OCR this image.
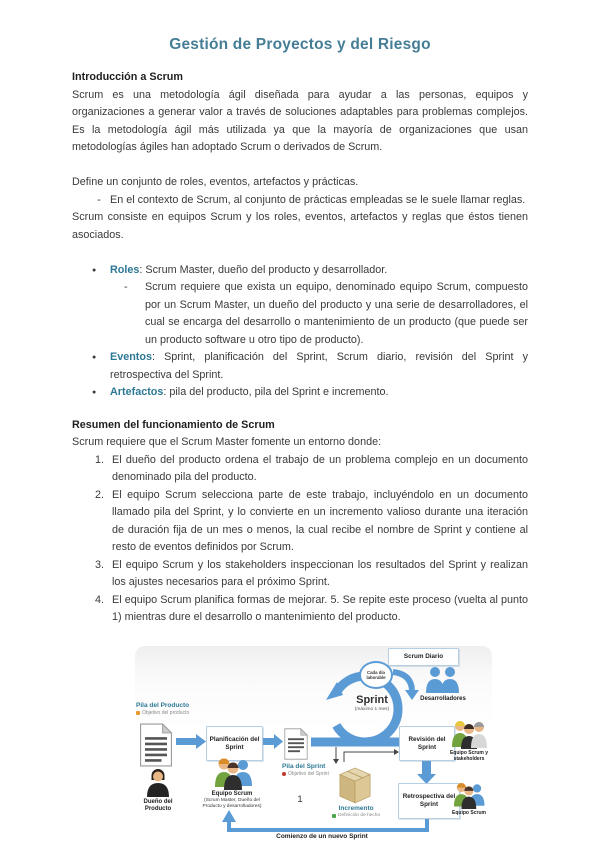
Gestión de Proyectos y del Riesgo
Introducción a Scrum

Scrum es una metodología ágil diseñada para ayudar a las personas, equipos y organizaciones a generar valor a través de soluciones adaptables para problemas complejos. Es la metodología ágil más utilizada ya que la mayoría de organizaciones que usan metodologías ágiles han adoptado Scrum o derivados de Scrum.

Define un conjunto de roles, eventos, artefactos y prácticas.

- En el contexto de Scrum, al conjunto de prácticas empleadas se le suele llamar reglas.

Scrum consiste en equipos Scrum y los roles, eventos, artefactos y reglas que éstos tienen asociados.

●	Roles: Scrum Master, dueño del producto y desarrollador.
-	Scrum requiere que exista un equipo, denominado equipo Scrum, compuesto por un Scrum Master, un dueño del producto y una serie de desarrolladores, el cual se encarga del desarrollo o mantenimiento de un producto (que puede ser un producto software u otro tipo de producto).
●	Eventos: Sprint, planificación del Sprint, Scrum diario, revisión del Sprint y retrospectiva del Sprint.
●	Artefactos: pila del producto, pila del Sprint e incremento.
Resumen del funcionamiento de Scrum

Scrum requiere que el Scrum Master fomente un entorno donde:

1. El dueño del producto ordena el trabajo de un problema complejo en un documento denominado pila del producto.
2. El equipo Scrum selecciona parte de este trabajo, incluyéndolo en un documento llamado pila del Sprint, y lo convierte en un incremento valioso durante una iteración de duración fija de un mes o menos, la cual recibe el nombre de Sprint y contiene al resto de eventos definidos por Scrum.
3. El equipo Scrum y los stakeholders inspeccionan los resultados del Sprint y realizan los ajustes necesarios para el próximo Sprint.
4. El equipo Scrum planifica formas de mejorar. 5. Se repite este proceso (vuelta al punto 1) mientras dure el desarrollo o mantenimiento del producto.
Scrum Diario
Desarrolladores
Sprint
(máximo 1 mes)
Cada día laborable
Pila del Producto
Objetivo del producto
Dueño del Producto
Planificación del Sprint
Equipo Scrum
(Scrum Master, Dueño del Producto y desarrolladores)
Pila del Sprint
Objetivo del Sprint
Incremento
Definición de hecho
Revisión del Sprint
Equipo Scrum y stakeholders
Retrospectiva del Sprint
Equipo Scrum
Comienzo de un nuevo Sprint
1
